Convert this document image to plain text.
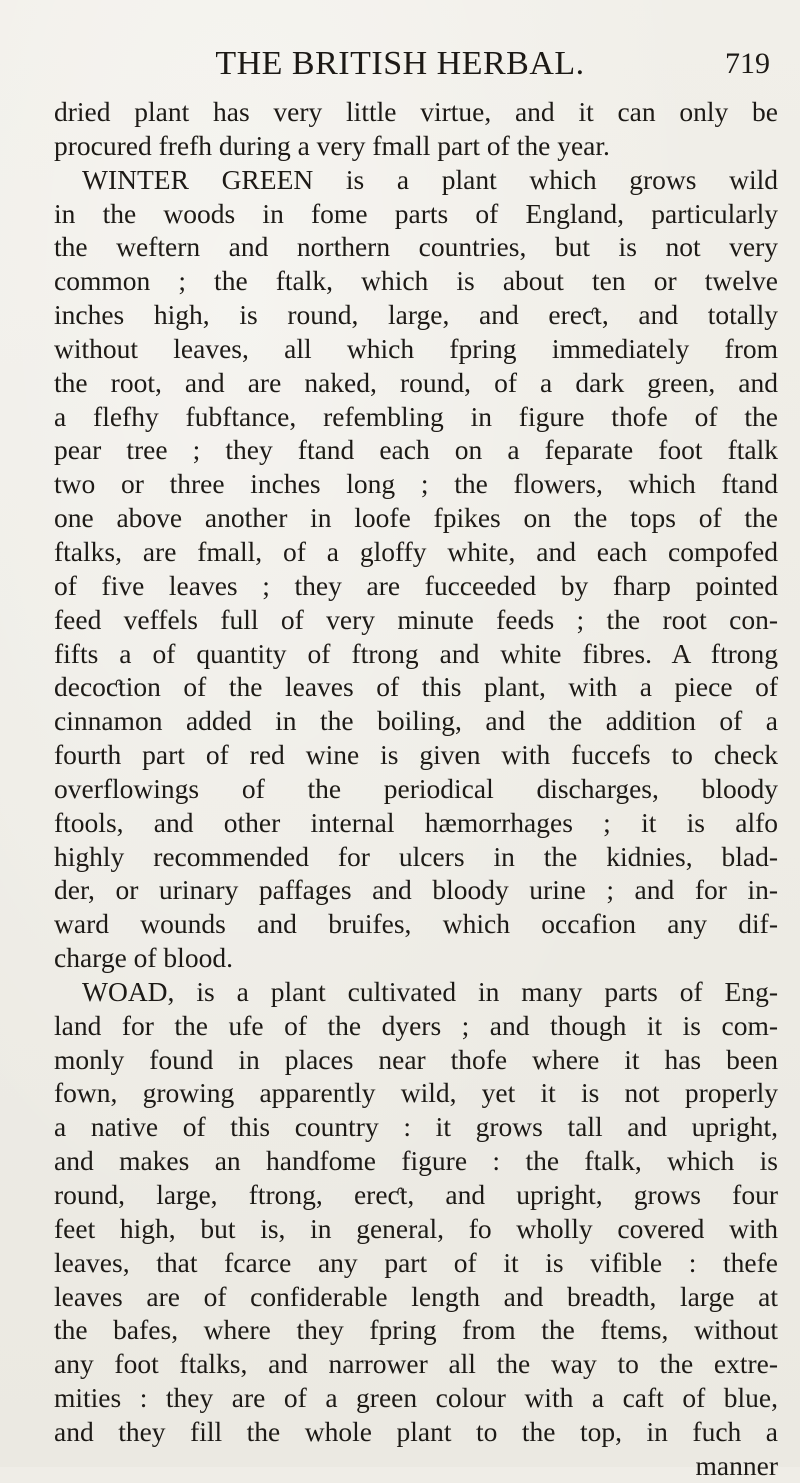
THE BRITISH HERBAL.	719
dried plant has very little virtue, and it can only be
procured frefh during a very fmall part of the year.
WINTER GREEN is a plant which grows wild
in the woods in fome parts of England, particularly
the weftern and northern countries, but is not very
common ; the ftalk, which is about ten or twelve
inches high, is round, large, and ereƈt, and totally
without leaves, all which fpring immediately from
the root, and are naked, round, of a dark green, and
a flefhy fubftance, refembling in figure thofe of the
pear tree ; they ftand each on a feparate foot ftalk
two or three inches long ; the flowers, which ftand
one above another in loofe fpikes on the tops of the
ftalks, are fmall, of a gloffy white, and each compofed
of five leaves ; they are fucceeded by fharp pointed
feed veffels full of very minute feeds ; the root con-
fifts a of quantity of ftrong and white fibres. A ftrong
decoƈtion of the leaves of this plant, with a piece of
cinnamon added in the boiling, and the addition of a
fourth part of red wine is given with fuccefs to check
overflowings of the periodical discharges, bloody
ftools, and other internal hæmorrhages ; it is alfo
highly recommended for ulcers in the kidnies, blad-
der, or urinary paffages and bloody urine ; and for in-
ward wounds and bruifes, which occafion any dif-
charge of blood.
WOAD, is a plant cultivated in many parts of Eng-
land for the ufe of the dyers ; and though it is com-
monly found in places near thofe where it has been
fown, growing apparently wild, yet it is not properly
a native of this country : it grows tall and upright,
and makes an handfome figure : the ftalk, which is
round, large, ftrong, ereƈt, and upright, grows four
feet high, but is, in general, fo wholly covered with
leaves, that fcarce any part of it is vifible : thefe
leaves are of confiderable length and breadth, large at
the bafes, where they fpring from the ftems, without
any foot ftalks, and narrower all the way to the extre-
mities : they are of a green colour with a caft of blue,
and they fill the whole plant to the top, in fuch a
manner
